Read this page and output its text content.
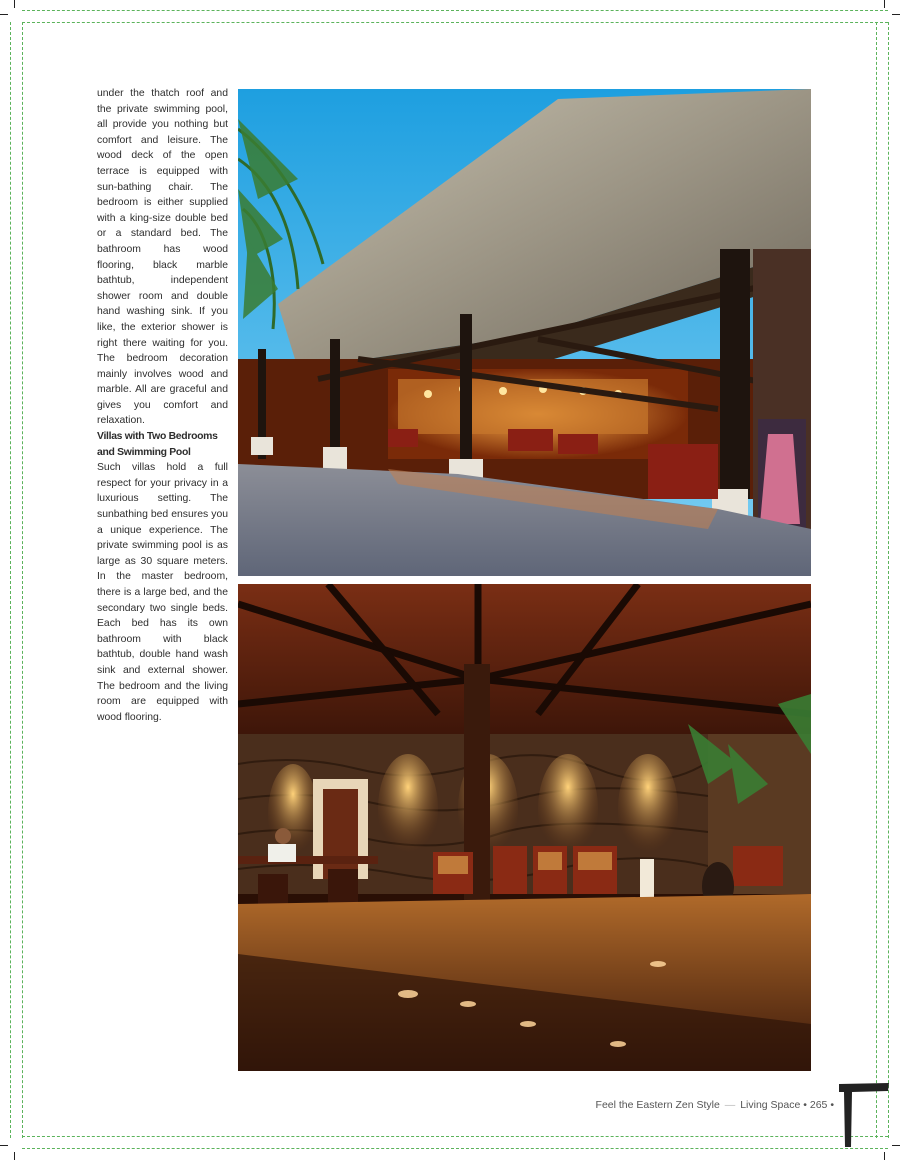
under the thatch roof and the private swimming pool, all provide you nothing but comfort and leisure. The wood deck of the open terrace is equipped with sun-bathing chair. The bedroom is either supplied with a king-size double bed or a standard bed. The bathroom has wood flooring, black marble bathtub, independent shower room and double hand washing sink. If you like, the exterior shower is right there waiting for you. The bedroom decoration mainly involves wood and marble. All are graceful and gives you comfort and relaxation.

Villas with Two Bedrooms and Swimming Pool

Such villas hold a full respect for your privacy in a luxurious setting. The sunbathing bed ensures you a unique experience. The private swimming pool is as large as 30 square meters. In the master bedroom, there is a large bed, and the secondary two single beds. Each bed has its own bathroom with black bathtub, double hand wash sink and external shower. The bedroom and the living room are equipped with wood flooring.

Feel the Eastern Zen Style — Living Space • 265 •
